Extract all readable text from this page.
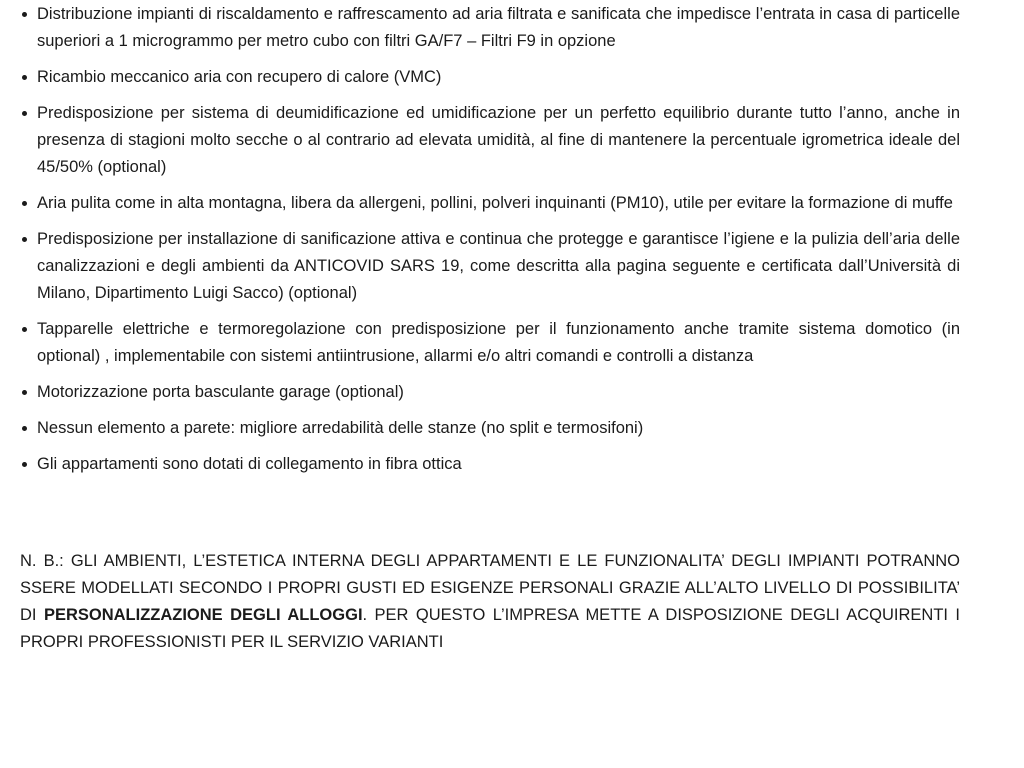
Distribuzione impianti di riscaldamento e raffrescamento ad aria filtrata e sanificata che impedisce l’entrata in casa di particelle superiori a 1 microgrammo per metro cubo con filtri GA/F7 – Filtri F9 in opzione
Ricambio meccanico aria con recupero di calore (VMC)
Predisposizione per sistema di deumidificazione ed umidificazione per un perfetto equilibrio durante tutto l’anno, anche in presenza di stagioni molto secche o al contrario ad elevata umidità, al fine di mantenere la percentuale igrometrica ideale del 45/50% (optional)
Aria pulita come in alta montagna, libera da allergeni, pollini, polveri inquinanti (PM10), utile per evitare la formazione di muffe
Predisposizione per installazione di sanificazione attiva e continua che protegge e garantisce l’igiene e la pulizia dell’aria delle canalizzazioni e degli ambienti da ANTICOVID SARS 19, come descritta alla pagina seguente e certificata dall’Università di Milano, Dipartimento Luigi Sacco) (optional)
Tapparelle elettriche e termoregolazione con predisposizione per il funzionamento anche tramite sistema domotico (in optional) , implementabile con sistemi antiintrusione, allarmi e/o altri comandi e controlli a distanza
Motorizzazione porta basculante garage (optional)
Nessun elemento a parete: migliore arredabilità delle stanze (no split e termosifoni)
Gli appartamenti sono dotati di collegamento in fibra ottica

N. B.: GLI AMBIENTI, L’ESTETICA INTERNA DEGLI APPARTAMENTI E LE FUNZIONALITA’ DEGLI IMPIANTI POTRANNO SSERE MODELLATI SECONDO I PROPRI GUSTI ED ESIGENZE PERSONALI GRAZIE ALL’ALTO LIVELLO DI POSSIBILITA’ DI PERSONALIZZAZIONE DEGLI ALLOGGI. PER QUESTO L’IMPRESA METTE A DISPOSIZIONE DEGLI ACQUIRENTI I PROPRI PROFESSIONISTI PER IL SERVIZIO VARIANTI
